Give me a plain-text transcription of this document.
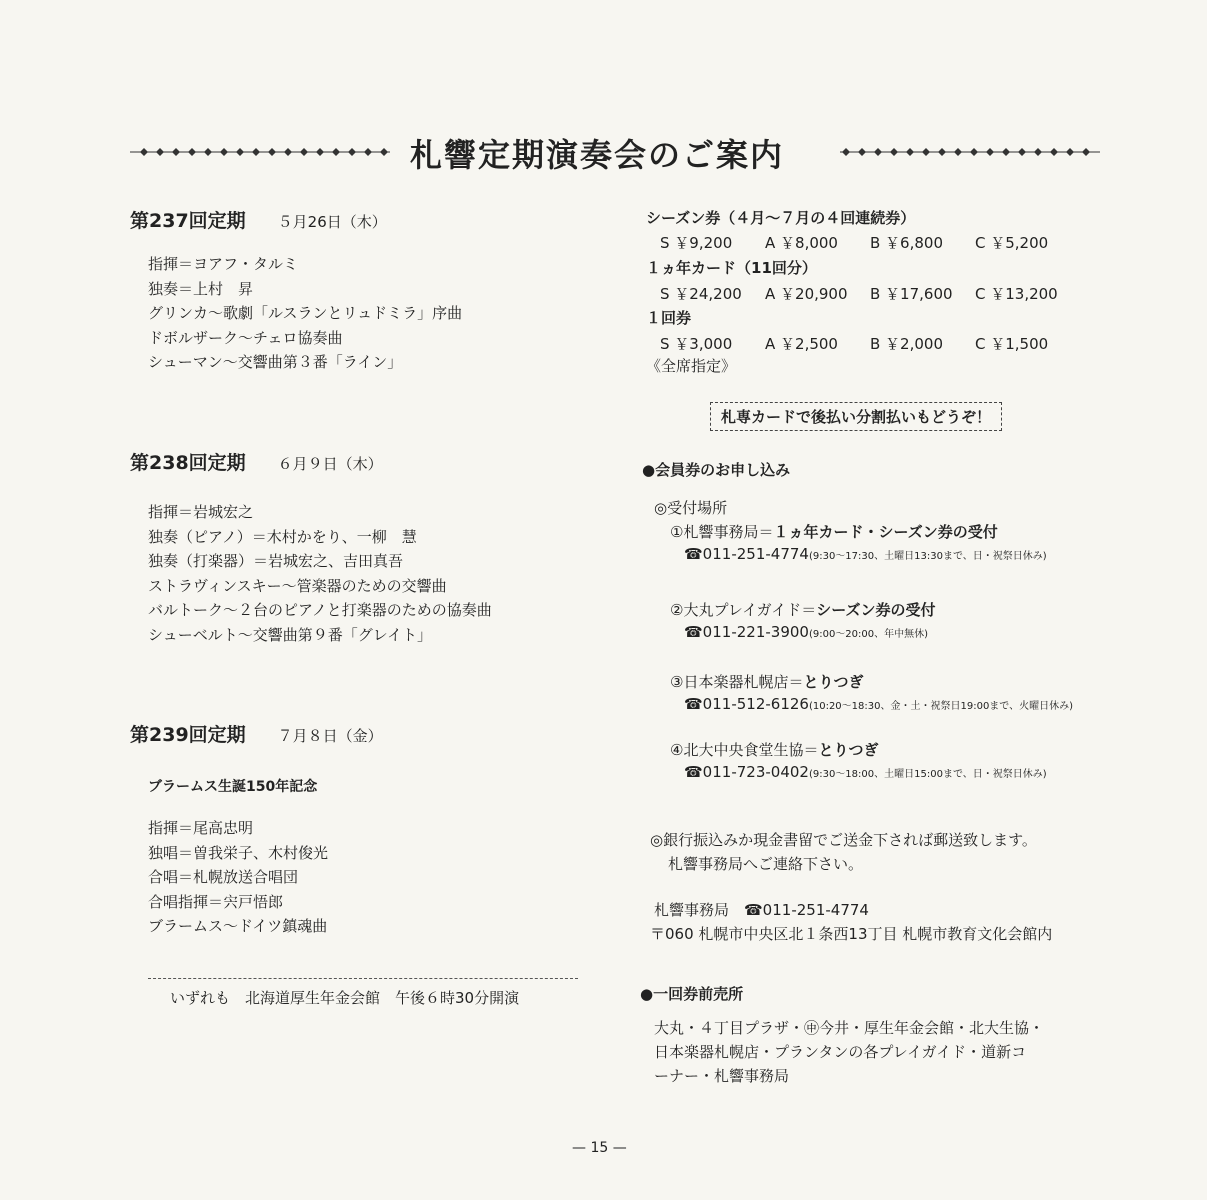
札響定期演奏会のご案内
第237回定期 ５月26日（木）
指揮＝ヨアフ・タルミ
独奏＝上村　昇
グリンカ～歌劇「ルスランとリュドミラ」序曲
ドボルザーク～チェロ協奏曲
シューマン～交響曲第３番「ライン」
第238回定期 ６月９日（木）
指揮＝岩城宏之
独奏（ピアノ）＝木村かをり、一柳　慧
独奏（打楽器）＝岩城宏之、吉田真吾
ストラヴィンスキー～管楽器のための交響曲
バルトーク～２台のピアノと打楽器のための協奏曲
シューベルト～交響曲第９番「グレイト」
第239回定期 ７月８日（金）
ブラームス生誕150年記念
指揮＝尾高忠明
独唱＝曽我栄子、木村俊光
合唱＝札幌放送合唱団
合唱指揮＝宍戸悟郎
ブラームス～ドイツ鎮魂曲
いずれも　北海道厚生年金会館　午後６時30分開演
シーズン券（４月～７月の４回連続券）
S ￥9,200 A ￥8,000 B ￥6,800 C ￥5,200
１ヵ年カード（11回分）
S ￥24,200 A ￥20,900 B ￥17,600 C ￥13,200
１回券
S ￥3,000 A ￥2,500 B ￥2,000 C ￥1,500
《全席指定》
札専カードで後払い分割払いもどうぞ！
●会員券のお申し込み
◎受付場所
①札響事務局＝１ヵ年カード・シーズン券の受付
☎011-251-4774(9:30～17:30、土曜日13:30まで、日・祝祭日休み)
②大丸プレイガイド＝シーズン券の受付
☎011-221-3900(9:00～20:00、年中無休)
③日本楽器札幌店＝とりつぎ
☎011-512-6126(10:20～18:30、金・土・祝祭日19:00まで、火曜日休み)
④北大中央食堂生協＝とりつぎ
☎011-723-0402(9:30～18:00、土曜日15:00まで、日・祝祭日休み)
◎銀行振込みか現金書留でご送金下されば郵送致します。
札響事務局へご連絡下さい。
札響事務局　☎011-251-4774
〒060 札幌市中央区北１条西13丁目 札幌市教育文化会館内
●一回券前売所
大丸・４丁目プラザ・㊥今井・厚生年金会館・北大生協・
日本楽器札幌店・プランタンの各プレイガイド・道新コ
ーナー・札響事務局
— 15 —
